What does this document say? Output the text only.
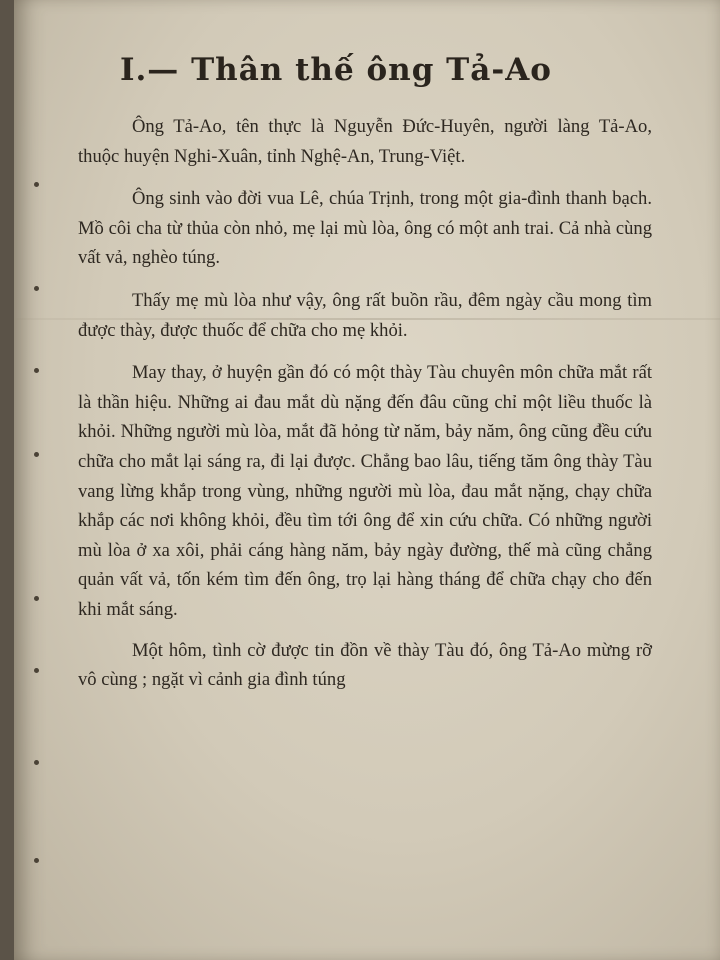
I.— Thân thế ông Tả-Ao

Ông Tả-Ao, tên thực là Nguyễn Đức-Huyên, người làng Tả-Ao, thuộc huyện Nghi-Xuân, tỉnh Nghệ-An, Trung-Việt.

Ông sinh vào đời vua Lê, chúa Trịnh, trong một gia-đình thanh bạch. Mồ côi cha từ thủa còn nhỏ, mẹ lại mù lòa, ông có một anh trai. Cả nhà cùng vất vả, nghèo túng.

Thấy mẹ mù lòa như vậy, ông rất buồn rầu, đêm ngày cầu mong tìm được thày, được thuốc để chữa cho mẹ khỏi.

May thay, ở huyện gần đó có một thày Tàu chuyên môn chữa mắt rất là thần hiệu. Những ai đau mắt dù nặng đến đâu cũng chỉ một liều thuốc là khỏi. Những người mù lòa, mắt đã hỏng từ năm, bảy năm, ông cũng đều cứu chữa cho mắt lại sáng ra, đi lại được. Chẳng bao lâu, tiếng tăm ông thày Tàu vang lừng khắp trong vùng, những người mù lòa, đau mắt nặng, chạy chữa khắp các nơi không khỏi, đều tìm tới ông để xin cứu chữa. Có những người mù lòa ở xa xôi, phải cáng hàng năm, bảy ngày đường, thế mà cũng chẳng quản vất vả, tốn kém tìm đến ông, trọ lại hàng tháng để chữa chạy cho đến khi mắt sáng.

Một hôm, tình cờ được tin đồn về thày Tàu đó, ông Tả-Ao mừng rỡ vô cùng ; ngặt vì cảnh gia đình túng
